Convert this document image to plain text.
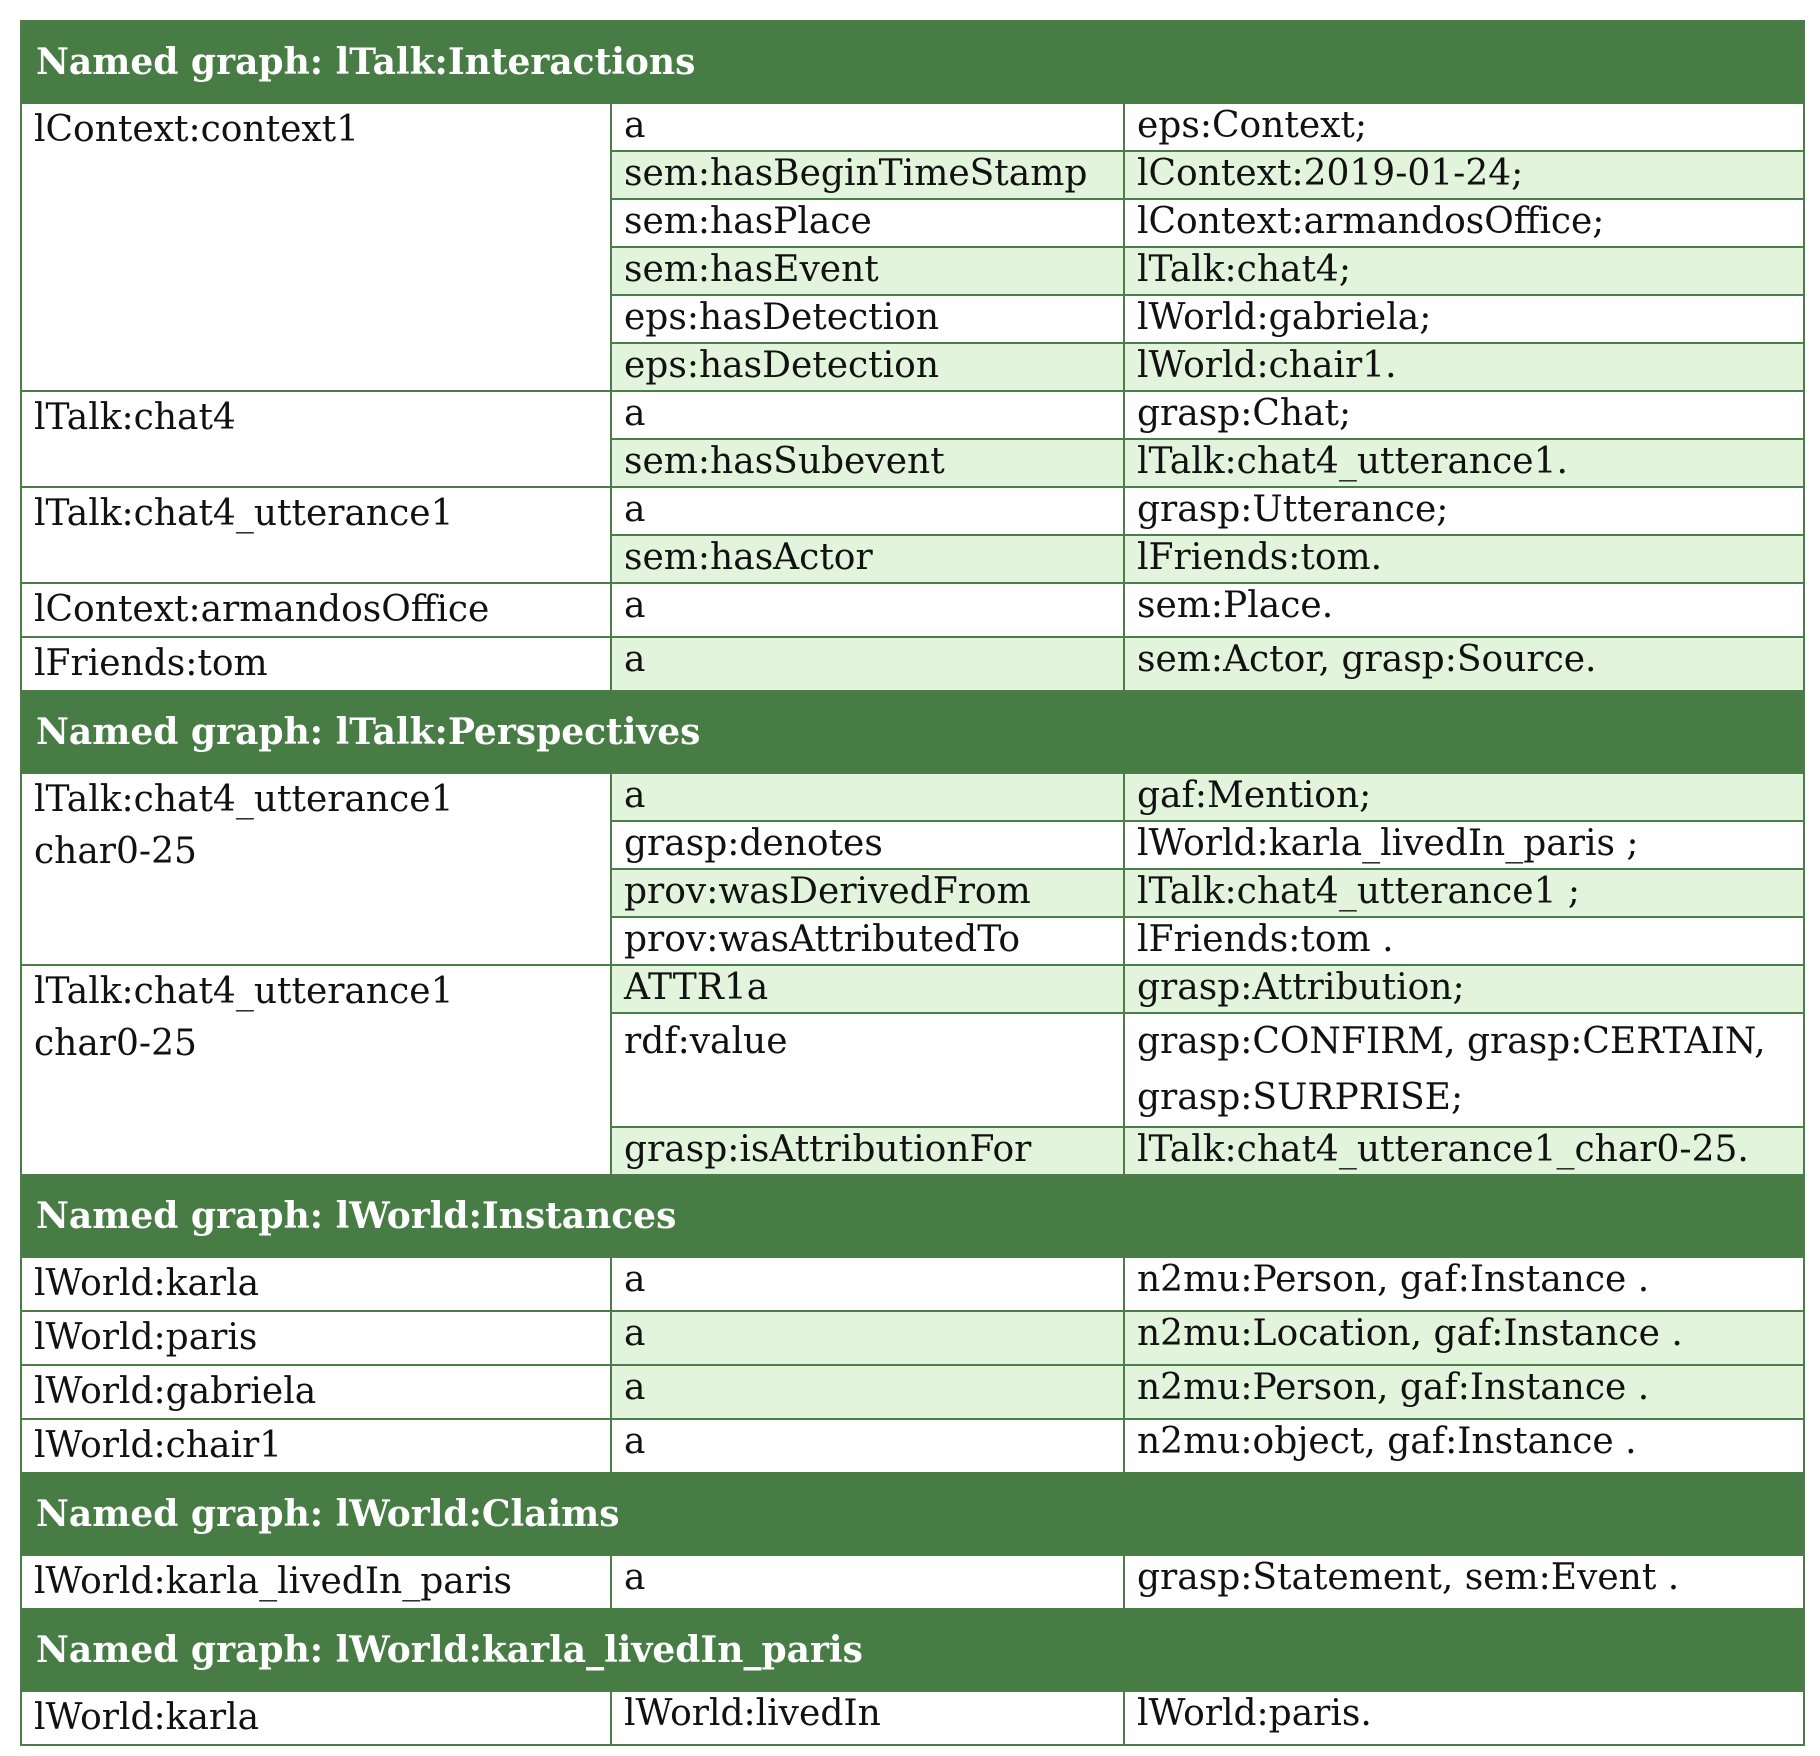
Named graph: lTalk:Interactions		

lContext:context1	a	eps:Context;
	sem:hasBeginTimeStamp	lContext:2019-01-24;
	sem:hasPlace	lContext:armandosOffice;
	sem:hasEvent	lTalk:chat4;
	eps:hasDetection	lWorld:gabriela;
	eps:hasDetection	lWorld:chair1.

lTalk:chat4	a	grasp:Chat;
	sem:hasSubevent	lTalk:chat4_utterance1.

lTalk:chat4_utterance1	a	grasp:Utterance;
	sem:hasActor	lFriends:tom.

lContext:armandosOffice	a	sem:Place.

lFriends:tom	a	sem:Actor, grasp:Source.
Named graph: lTalk:Perspectives		

lTalk:chat4_utterance1
char0-25	a	gaf:Mention;
	grasp:denotes	lWorld:karla_livedIn_paris ;
	prov:wasDerivedFrom	lTalk:chat4_utterance1 ;
	prov:wasAttributedTo	lFriends:tom .

lTalk:chat4_utterance1
char0-25	ATTR1a	grasp:Attribution;
	rdf:value	grasp:CONFIRM, grasp:CERTAIN, grasp:SURPRISE;
	grasp:isAttributionFor	lTalk:chat4_utterance1_char0-25.
Named graph: lWorld:Instances		

lWorld:karla	a	n2mu:Person, gaf:Instance .

lWorld:paris	a	n2mu:Location, gaf:Instance .

lWorld:gabriela	a	n2mu:Person, gaf:Instance .

lWorld:chair1	a	n2mu:object, gaf:Instance .
Named graph: lWorld:Claims		

lWorld:karla_livedIn_paris	a	grasp:Statement, sem:Event .
Named graph: lWorld:karla_livedIn_paris		

lWorld:karla	lWorld:livedIn	lWorld:paris.
